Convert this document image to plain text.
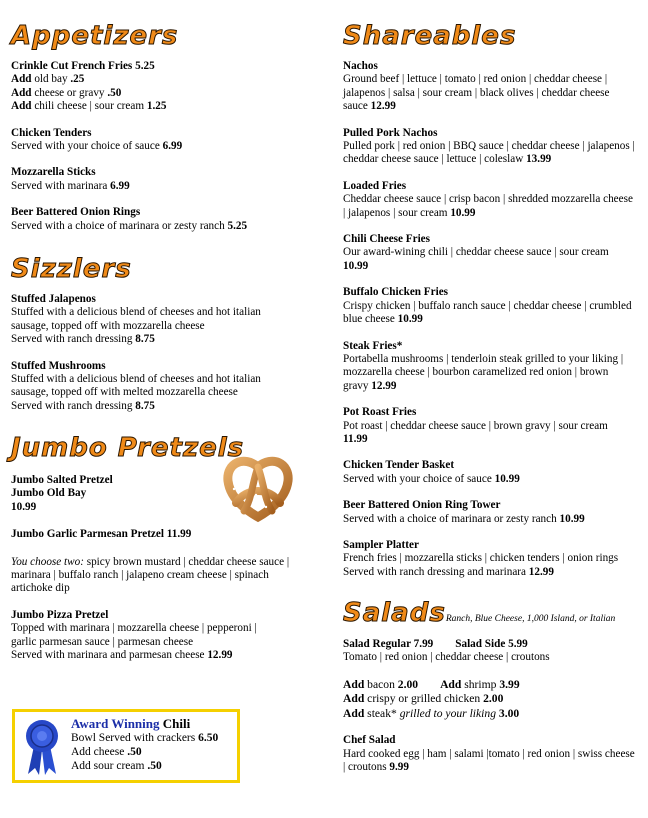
Appetizers
Crinkle Cut French Fries 5.25
Add old bay .25
Add cheese or gravy .50
Add chili cheese | sour cream 1.25
Chicken Tenders
Served with your choice of sauce 6.99
Mozzarella Sticks
Served with marinara 6.99
Beer Battered Onion Rings
Served with a choice of marinara or zesty ranch 5.25
Sizzlers
Stuffed Jalapenos
Stuffed with a delicious blend of cheeses and hot italian sausage, topped off with mozzarella cheese
Served with ranch dressing 8.75
Stuffed Mushrooms
Stuffed with a delicious blend of cheeses and hot italian sausage, topped off with melted mozzarella cheese
Served with ranch dressing 8.75
Jumbo Pretzels
Jumbo Salted Pretzel
Jumbo Old Bay
10.99
Jumbo Garlic Parmesan Pretzel 11.99
You choose two: spicy brown mustard | cheddar cheese sauce | marinara | buffalo ranch | jalapeno cream cheese | spinach artichoke dip
Jumbo Pizza Pretzel
Topped with marinara | mozzarella cheese | pepperoni | garlic parmesan sauce | parmesan cheese
Served with marinara and parmesan cheese 12.99
Award Winning Chili
Bowl Served with crackers 6.50
Add cheese .50
Add sour cream .50
Shareables
Nachos
Ground beef | lettuce | tomato | red onion | cheddar cheese | jalapenos | salsa | sour cream | black olives | cheddar cheese sauce 12.99
Pulled Pork Nachos
Pulled pork | red onion | BBQ sauce | cheddar cheese | jalapenos | cheddar cheese sauce | lettuce | coleslaw 13.99
Loaded Fries
Cheddar cheese sauce | crisp bacon | shredded mozzarella cheese | jalapenos | sour cream 10.99
Chili Cheese Fries
Our award-wining chili | cheddar cheese sauce | sour cream 10.99
Buffalo Chicken Fries
Crispy chicken | buffalo ranch sauce | cheddar cheese | crumbled blue cheese 10.99
Steak Fries*
Portabella mushrooms | tenderloin steak grilled to your liking | mozzarella cheese | bourbon caramelized red onion | brown gravy 12.99
Pot Roast Fries
Pot roast | cheddar cheese sauce | brown gravy | sour cream 11.99
Chicken Tender Basket
Served with your choice of sauce 10.99
Beer Battered Onion Ring Tower
Served with a choice of marinara or zesty ranch 10.99
Sampler Platter
French fries | mozzarella sticks | chicken tenders | onion rings Served with ranch dressing and marinara 12.99
SaladsRanch, Blue Cheese, 1,000 Island, or Italian
Salad Regular 7.99 Salad Side 5.99
Tomato | red onion | cheddar cheese | croutons
Add bacon 2.00 Add shrimp 3.99
Add crispy or grilled chicken 2.00
Add steak* grilled to your liking 3.00
Chef Salad
Hard cooked egg | ham | salami |tomato | red onion | swiss cheese | croutons 9.99
